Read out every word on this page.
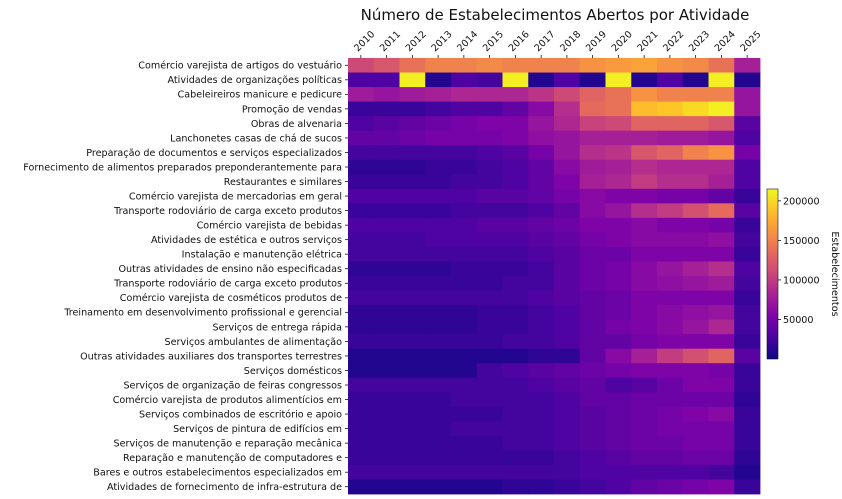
Número de Estabelecimentos Abertos por Atividade
Comércio varejista de artigos do vestuário
Atividades de organizações políticas
Cabeleireiros manicure e pedicure
Promoção de vendas
Obras de alvenaria
Lanchonetes casas de chá de sucos
Preparação de documentos e serviços especializados
Fornecimento de alimentos preparados preponderantemente para
Restaurantes e similares
Comércio varejista de mercadorias em geral
Transporte rodoviário de carga exceto produtos
Comércio varejista de bebidas
Atividades de estética e outros serviços
Instalação e manutenção elétrica
Outras atividades de ensino não especificadas
Transporte rodoviário de carga exceto produtos
Comércio varejista de cosméticos produtos de
Treinamento em desenvolvimento profissional e gerencial
Serviços de entrega rápida
Serviços ambulantes de alimentação
Outras atividades auxiliares dos transportes terrestres
Serviços domésticos
Serviços de organização de feiras congressos
Comércio varejista de produtos alimentícios em
Serviços combinados de escritório e apoio
Serviços de pintura de edifícios em
Serviços de manutenção e reparação mecânica
Reparação e manutenção de computadores e
Bares e outros estabelecimentos especializados em
Atividades de fornecimento de infra-estrutura de
2010 2011 2012 2013 2014 2015 2016 2017 2018 2019 2020 2021 2022 2023 2024 2025
50000
100000
150000
200000
Estabelecimentos
